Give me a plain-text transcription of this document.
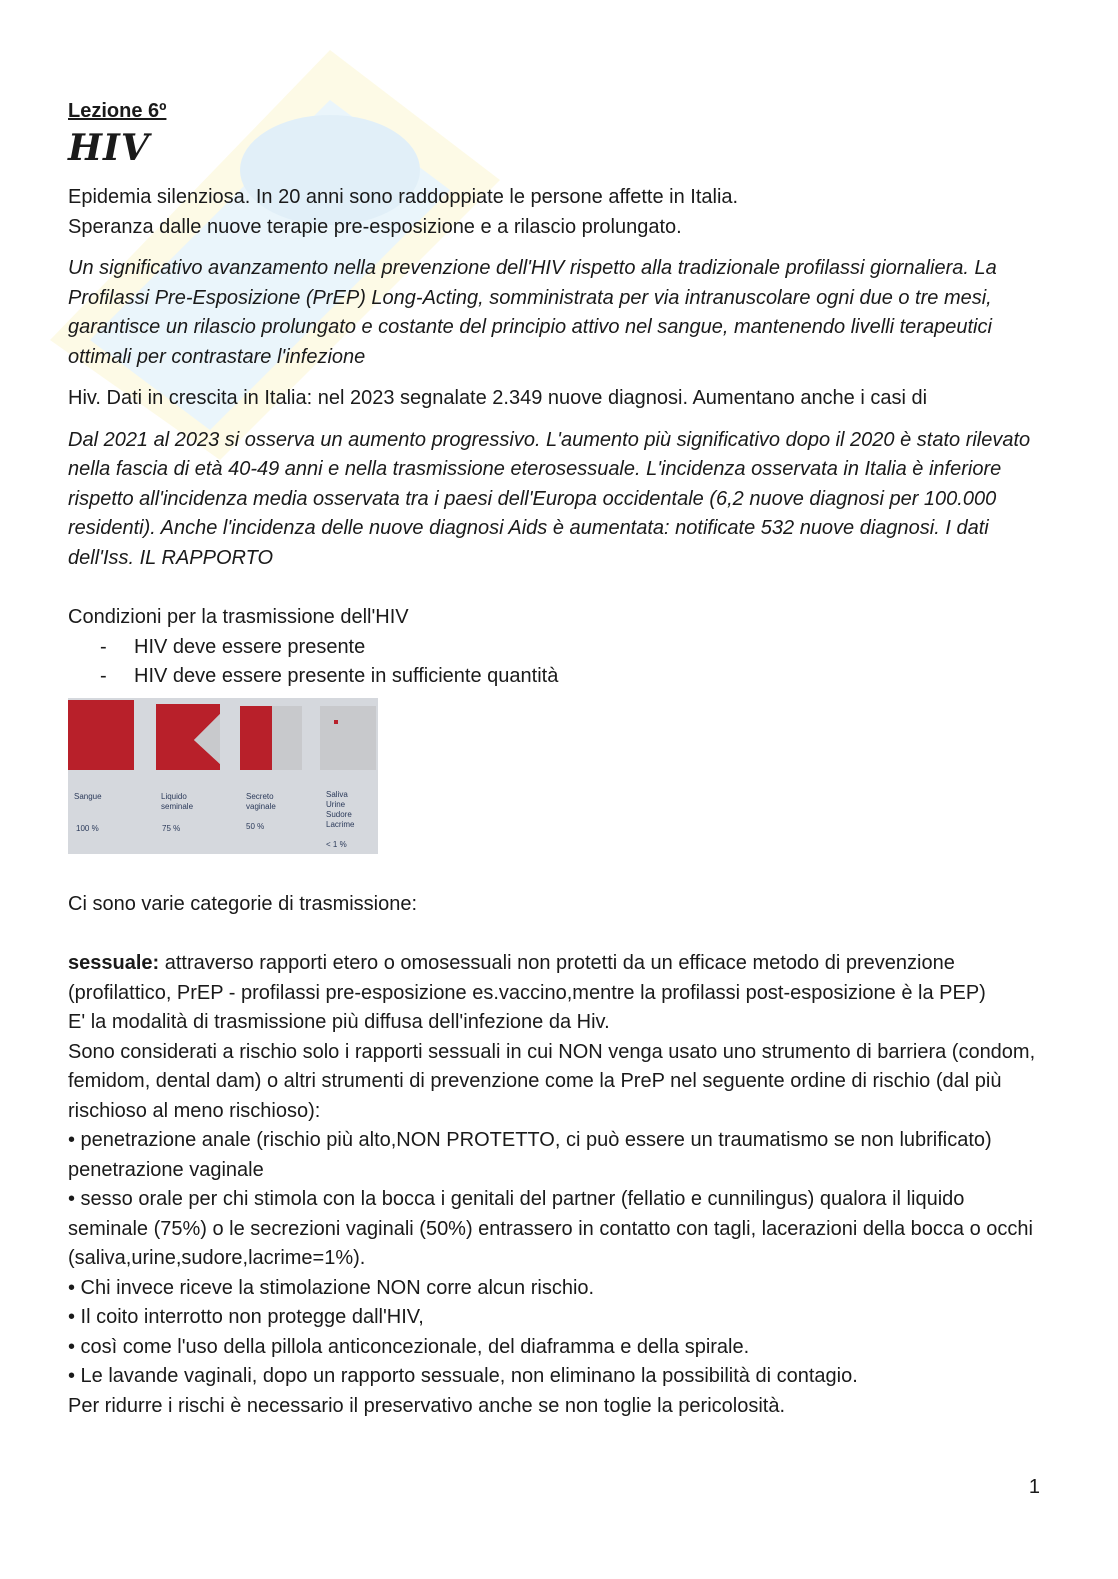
Lezione 6º
HIV

Epidemia silenziosa. In 20 anni sono raddoppiate le persone affette in Italia.

Speranza dalle nuove terapie pre-esposizione e a rilascio prolungato.

Un significativo avanzamento nella prevenzione dell'HIV rispetto alla tradizionale profilassi giornaliera. La Profilassi Pre-Esposizione (PrEP) Long-Acting, somministrata per via intranuscolare ogni due o tre mesi, garantisce un rilascio prolungato e costante del principio attivo nel sangue, mantenendo livelli terapeutici ottimali per contrastare l'infezione

Hiv. Dati in crescita in Italia: nel 2023 segnalate 2.349 nuove diagnosi. Aumentano anche i casi di

Dal 2021 al 2023 si osserva un aumento progressivo. L'aumento più significativo dopo il 2020 è stato rilevato nella fascia di età 40-49 anni e nella trasmissione eterosessuale. L'incidenza osservata in Italia è inferiore rispetto all'incidenza media osservata tra i paesi dell'Europa occidentale (6,2 nuove diagnosi per 100.000 residenti). Anche l'incidenza delle nuove diagnosi Aids è aumentata: notificate 532 nuove diagnosi. I dati dell'Iss. IL RAPPORTO

Condizioni per la trasmissione dell'HIV

- HIV deve essere presente
- HIV deve essere presente in sufficiente quantità
Sangue
100 %
Liquido seminale
75 %
Secreto vaginale
50 %
Saliva Urine Sudore Lacrime
< 1 %

Ci sono varie categorie di trasmissione:

sessuale: attraverso rapporti etero o omosessuali non protetti da un efficace metodo di prevenzione (profilattico, PrEP - profilassi pre-esposizione es.vaccino,mentre la profilassi post-esposizione è la PEP)

E' la modalità di trasmissione più diffusa dell'infezione da Hiv.

Sono considerati a rischio solo i rapporti sessuali in cui NON venga usato uno strumento di barriera (condom, femidom, dental dam) o altri strumenti di prevenzione come la PreP nel seguente ordine di rischio (dal più rischioso al meno rischioso):

• penetrazione anale (rischio più alto,NON PROTETTO, ci può essere un traumatismo se non lubrificato) penetrazione vaginale

• sesso orale per chi stimola con la bocca i genitali del partner (fellatio e cunnilingus) qualora il liquido seminale (75%) o le secrezioni vaginali (50%) entrassero in contatto con tagli, lacerazioni della bocca o occhi (saliva,urine,sudore,lacrime=1%).

• Chi invece riceve la stimolazione NON corre alcun rischio.

• Il coito interrotto non protegge dall'HIV,

• così come l'uso della pillola anticoncezionale, del diaframma e della spirale.

• Le lavande vaginali, dopo un rapporto sessuale, non eliminano la possibilità di contagio.

Per ridurre i rischi è necessario il preservativo anche se non toglie la pericolosità.

1
